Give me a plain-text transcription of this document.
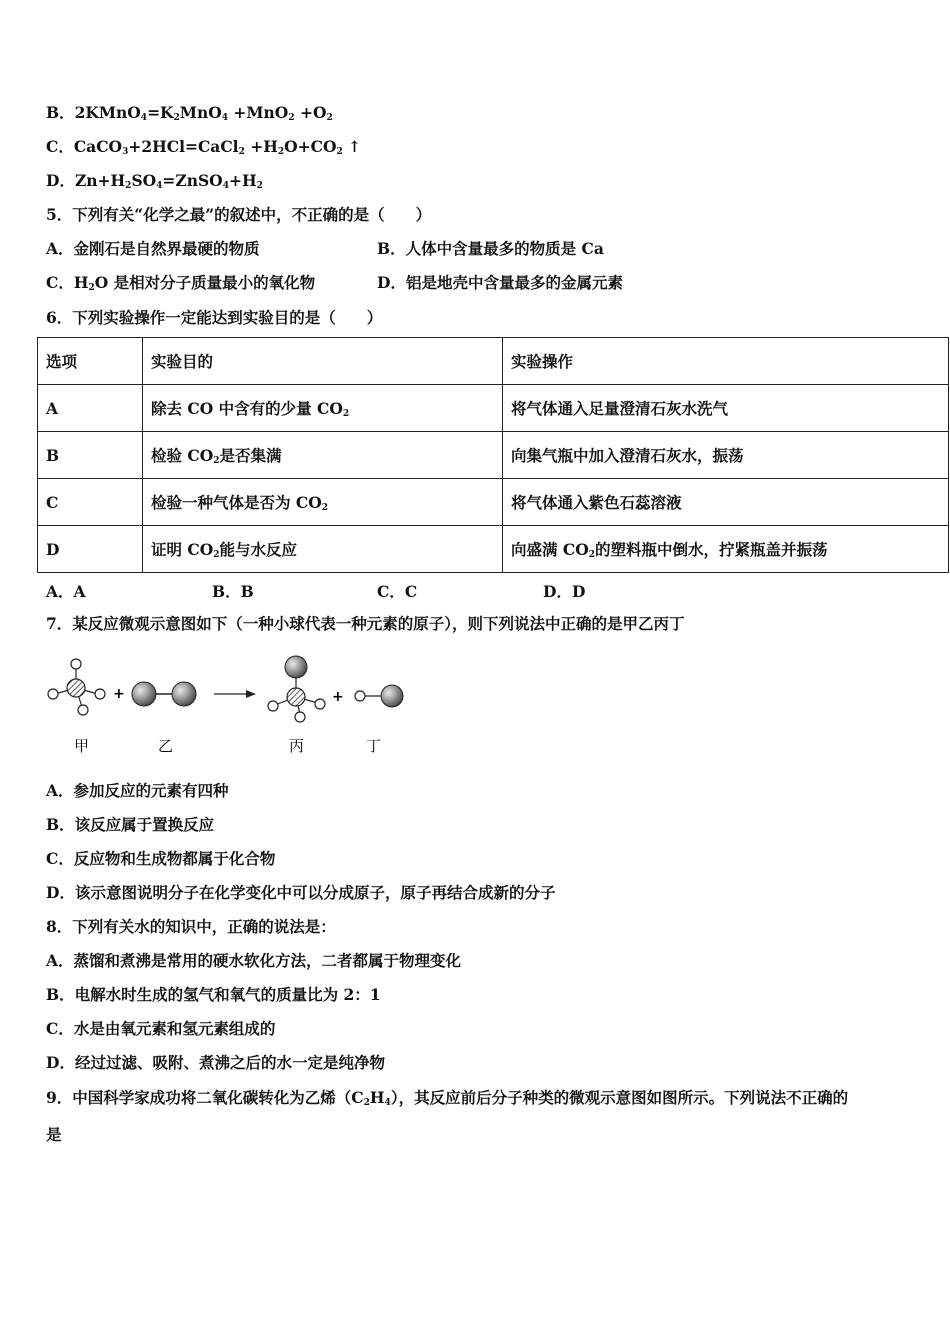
B．$2KMnO_4=K_2MnO_4 +MnO_2 +O_2$
C．CaCO$_3$+2HCl=CaCl$_2$ $+H_2O+CO_2$ ↑
D．$Zn+H_2SO_4=ZnSO_4+H_2$
5．下列有关“化学之最”的叙述中，不正确的是（　　）
A．金刚石是自然界最硬的物质	B．人体中含量最多的物质是 Ca
C．$H_2O$ 是相对分子质量最小的氧化物	D．铝是地壳中含量最多的金属元素
6．下列实验操作一定能达到实验目的是（　　）
选项	实验目的	实验操作
A	除去 CO 中含有的少量 $CO_2$	将气体通入足量澄清石灰水洗气
B	检验 $CO_2$是否集满	向集气瓶中加入澄清石灰水，振荡
C	检验一种气体是否为 $CO_2$	将气体通入紫色石蕊溶液
D	证明 $CO_2$能与水反应	向盛满 $CO_2$的塑料瓶中倒水，拧紧瓶盖并振荡
A．A	B．B	C．C	D．D
7．某反应微观示意图如下（一种小球代表一种元素的原子），则下列说法中正确的是甲乙丙丁
+	+
甲	乙	丙	丁
A．参加反应的元素有四种
B．该反应属于置换反应
C．反应物和生成物都属于化合物
D．该示意图说明分子在化学变化中可以分成原子，原子再结合成新的分子
8．下列有关水的知识中，正确的说法是：
A．蒸馏和煮沸是常用的硬水软化方法，二者都属于物理变化
B．电解水时生成的氢气和氧气的质量比为 2：1
C．水是由氧元素和氢元素组成的
D．经过过滤、吸附、煮沸之后的水一定是纯净物
9．中国科学家成功将二氧化碳转化为乙烯$(C_2H_4)$，其反应前后分子种类的微观示意图如图所示。下列说法不正确的
是
